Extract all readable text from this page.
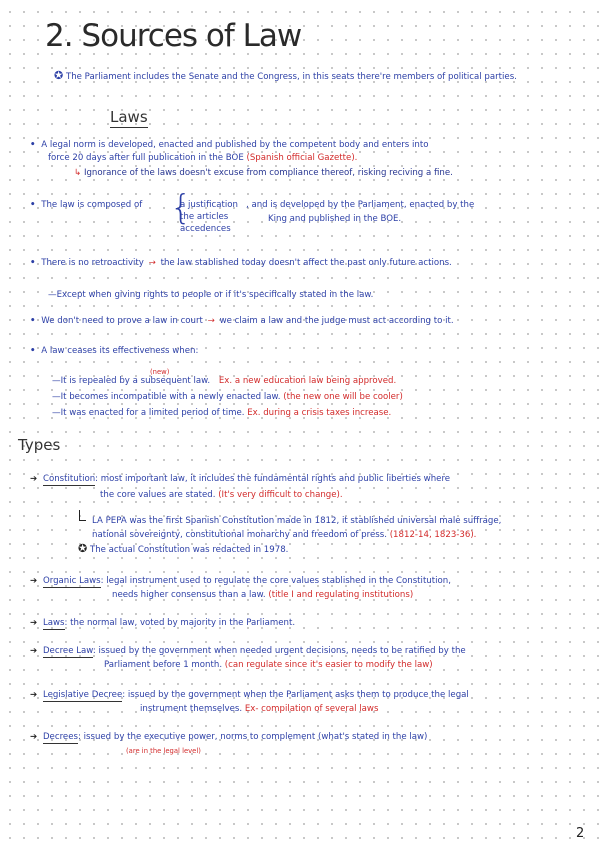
2. Sources of Law
✪ The Parliament includes the Senate and the Congress, in this seats there're members of political parties.
Laws
• A legal norm is developed, enacted and published by the competent body and enters into
force 20 days after full publication in the BOE (Spanish official Gazette).
↳ Ignorance of the laws doesn't excuse from compliance thereof, risking reciving a fine.
• The law is composed of {
a justification
the articles
accedences
, and is developed by the Parliament, enacted by the
King and published in the BOE.
• There is no retroactivity → the law stablished today doesn't affect the past only future actions.
—Except when giving rights to people or if it's specifically stated in the law.
• We don't need to prove a law in court → we claim a law and the judge must act according to it.
• A law ceases its effectiveness when:
(new)
—It is repealed by a subsequent law. Ex. a new education law being approved.
—It becomes incompatible with a newly enacted law. (the new one will be cooler)
—It was enacted for a limited period of time. Ex. during a crisis taxes increase.
Types
➔ Constitution: most important law, it includes the fundamental rights and public liberties where
the core values are stated. (It's very difficult to change).
LA PEPA was the first Spanish Constitution made in 1812, it stablished universal male suffrage,
national sovereignty, constitutional monarchy and freedom of press. (1812-14, 1823-36).
✪ The actual Constitution was redacted in 1978.
➔ Organic Laws: legal instrument used to regulate the core values stablished in the Constitution,
needs higher consensus than a law. (title I and regulating institutions)
➔ Laws: the normal law, voted by majority in the Parliament.
➔ Decree Law: issued by the government when needed urgent decisions, needs to be ratified by the
Parliament before 1 month. (can regulate since it's easier to modify the law)
➔ Legislative Decree: issued by the government when the Parliament asks them to produce the legal
instrument themselves. Ex- compilation of several laws
➔ Decrees: issued by the executive power, norms to complement (what's stated in the law)
(are in the legal level)
2
